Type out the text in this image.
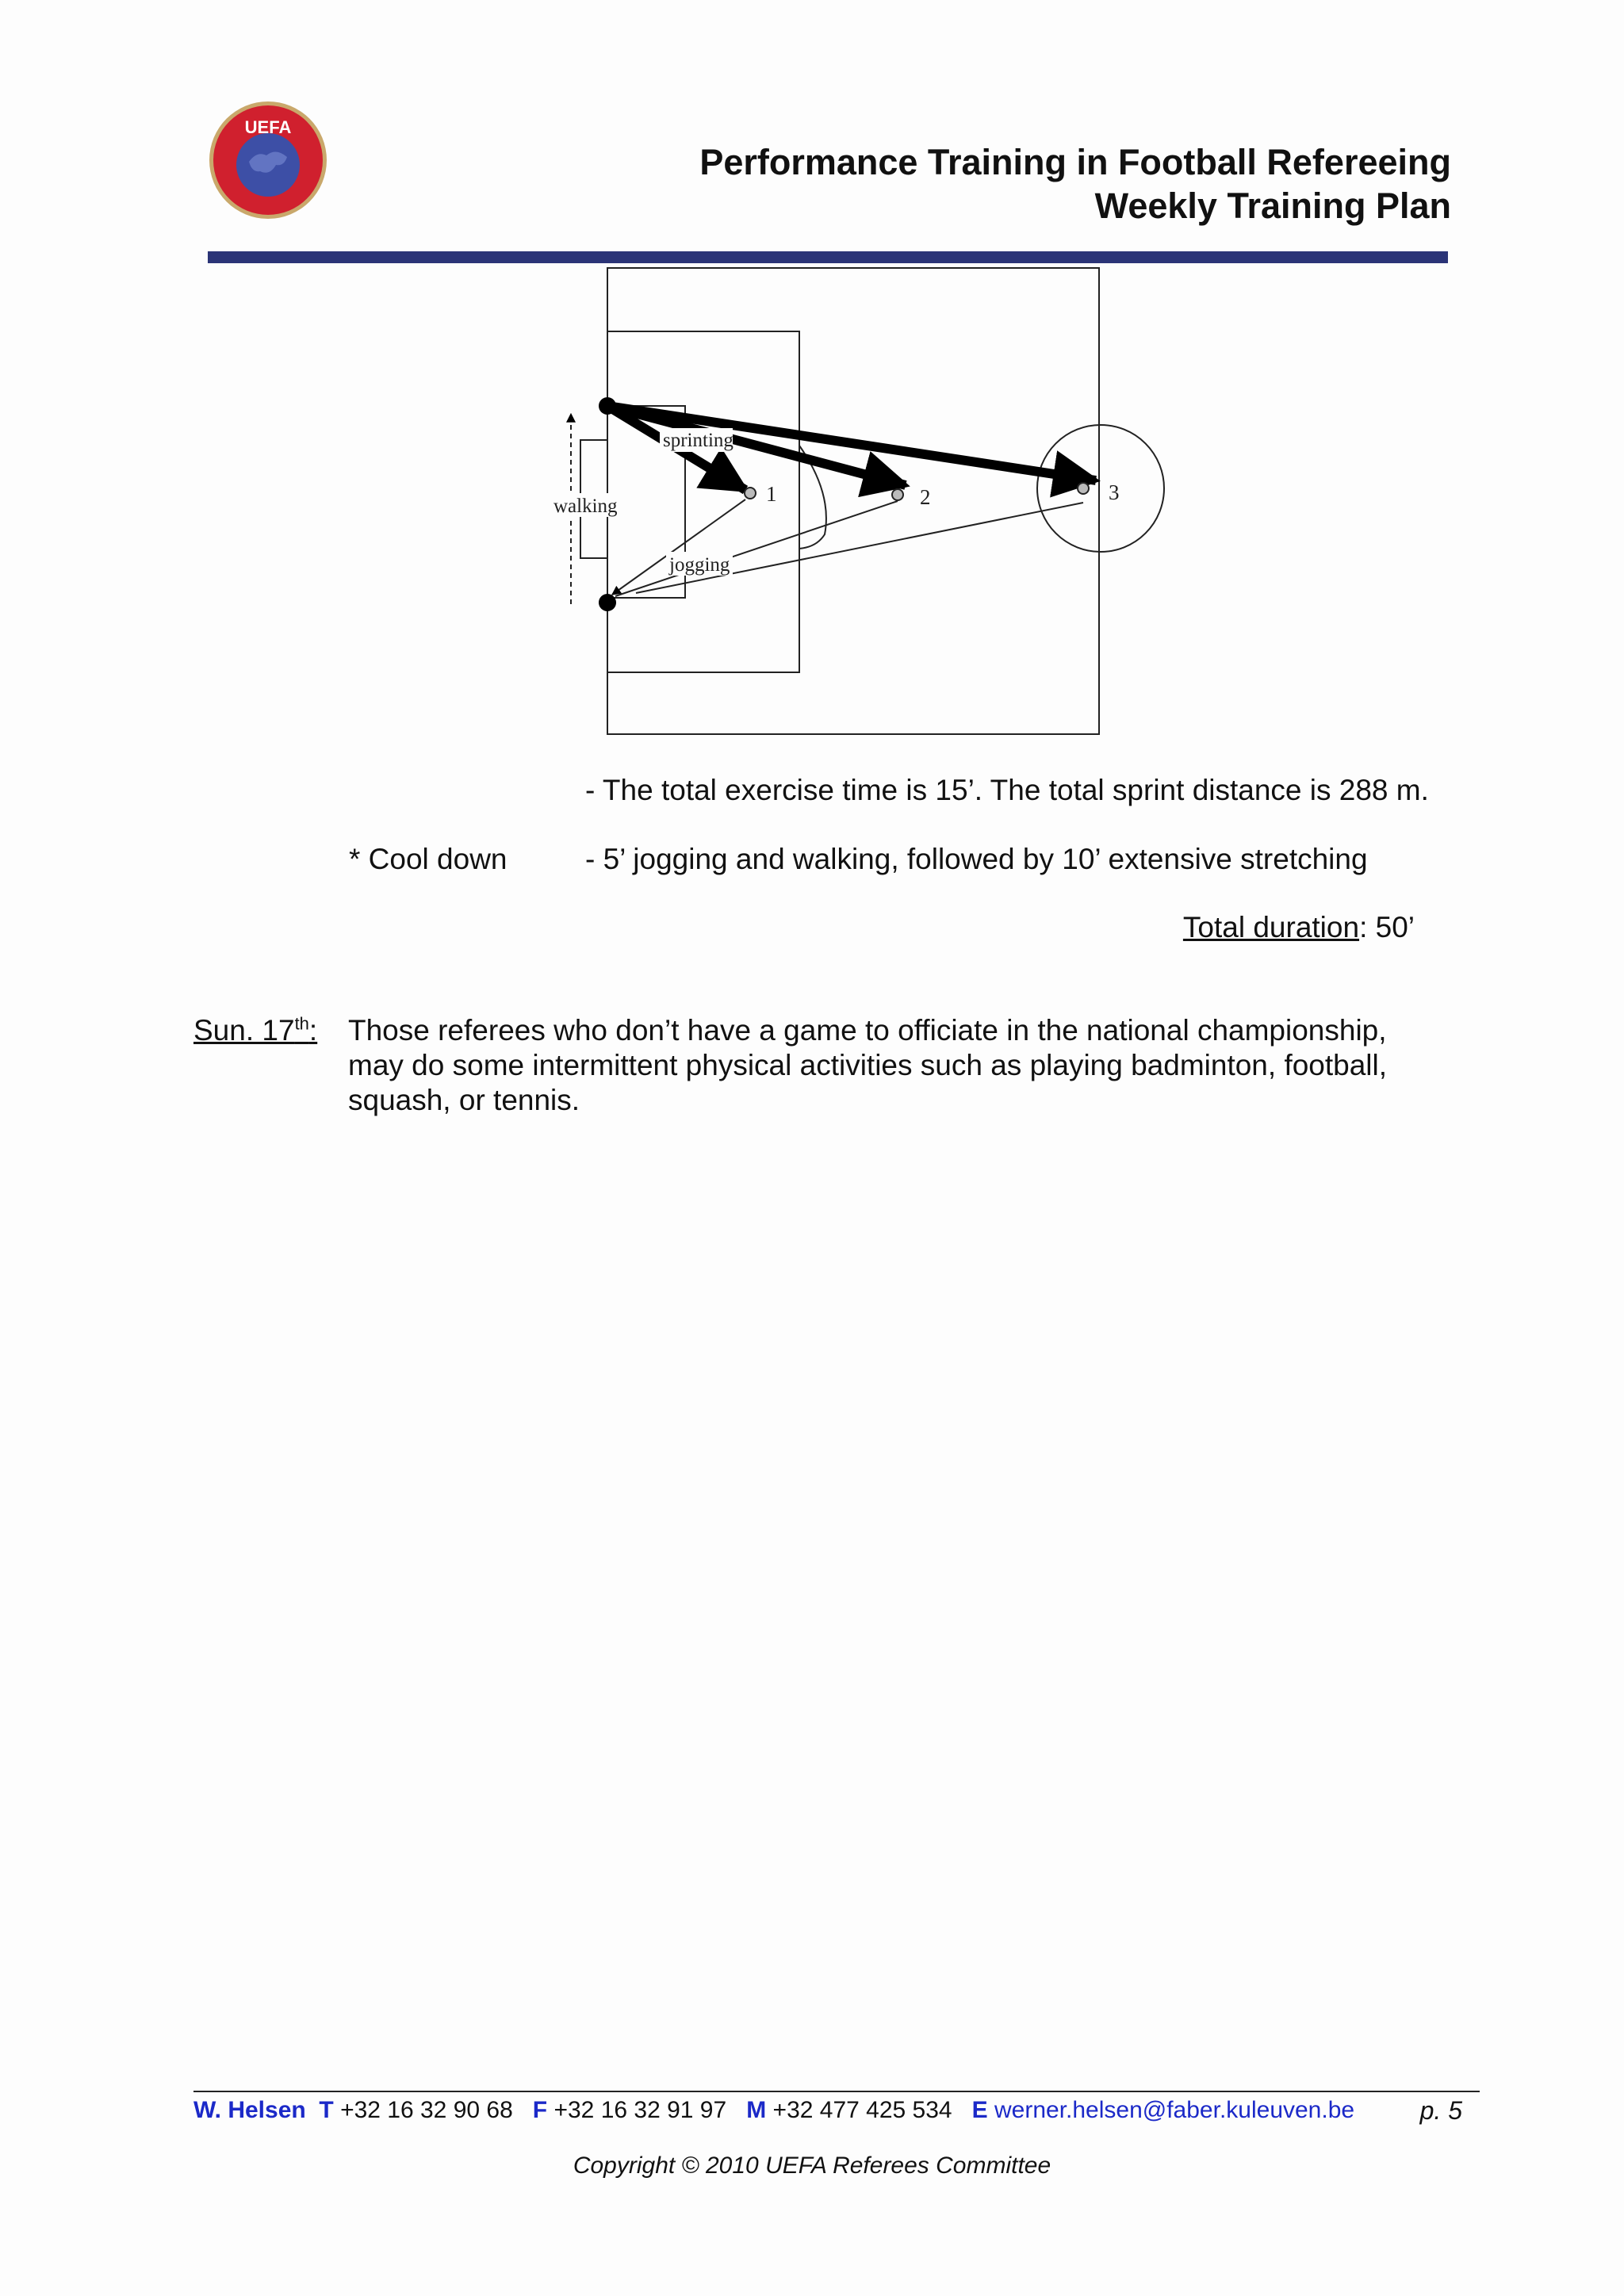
UEFA
Performance Training in Football Refereeing
Weekly Training Plan
sprinting
walking
jogging
1	2	3
- The total exercise time is 15’. The total sprint distance is 288 m.
* Cool down	- 5’ jogging and walking, followed by 10’ extensive stretching
Total duration: 50’
Sun. 17th: Those referees who don’t have a game to officiate in the national championship,
may do some intermittent physical activities such as playing badminton, football,
squash, or tennis.
W. Helsen T +32 16 32 90 68 F +32 16 32 91 97 M +32 477 425 534 E werner.helsen@faber.kuleuven.be	p. 5
Copyright © 2010 UEFA Referees Committee
